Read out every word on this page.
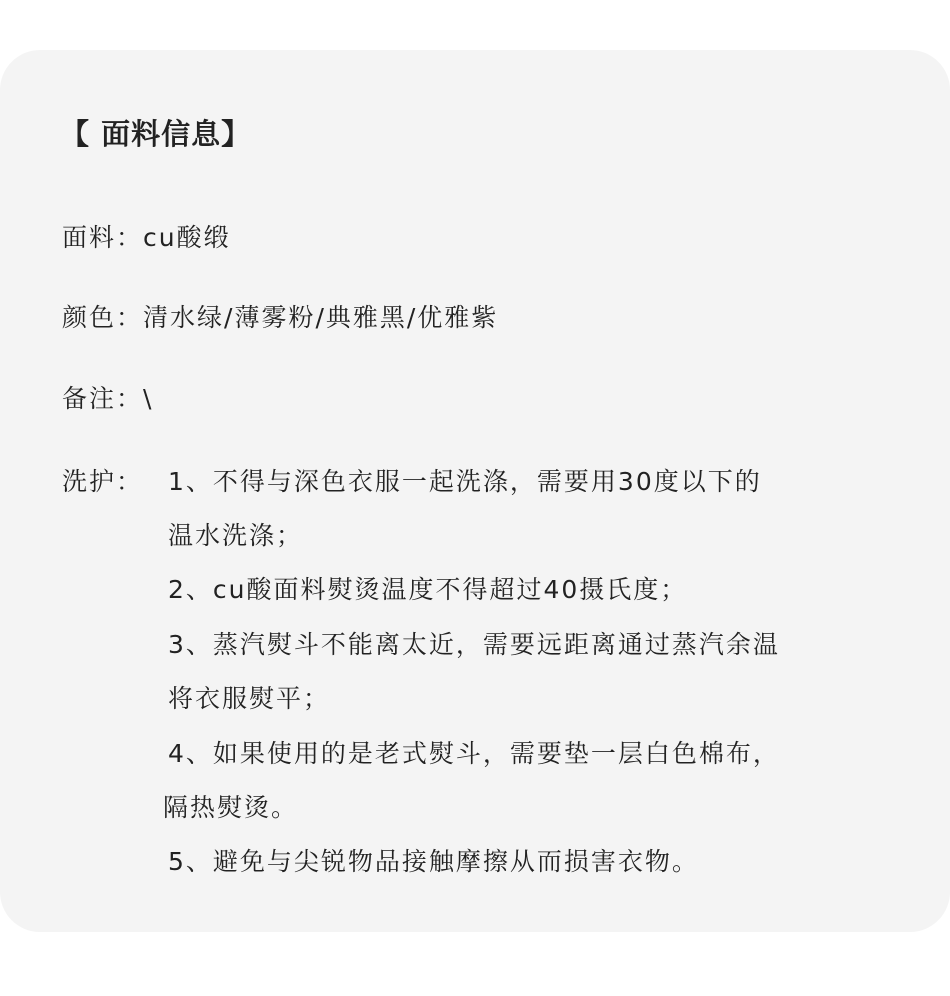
【 面料信息】
面料：cu酸缎
颜色：清水绿/薄雾粉/典雅黑/优雅紫
备注：\
洗护： 1、不得与深色衣服一起洗涤，需要用30度以下的
温水洗涤；
2、cu酸面料熨烫温度不得超过40摄氏度；
3、蒸汽熨斗不能离太近，需要远距离通过蒸汽余温
将衣服熨平；
4、如果使用的是老式熨斗，需要垫一层白色棉布，
隔热熨烫。
5、避免与尖锐物品接触摩擦从而损害衣物。
